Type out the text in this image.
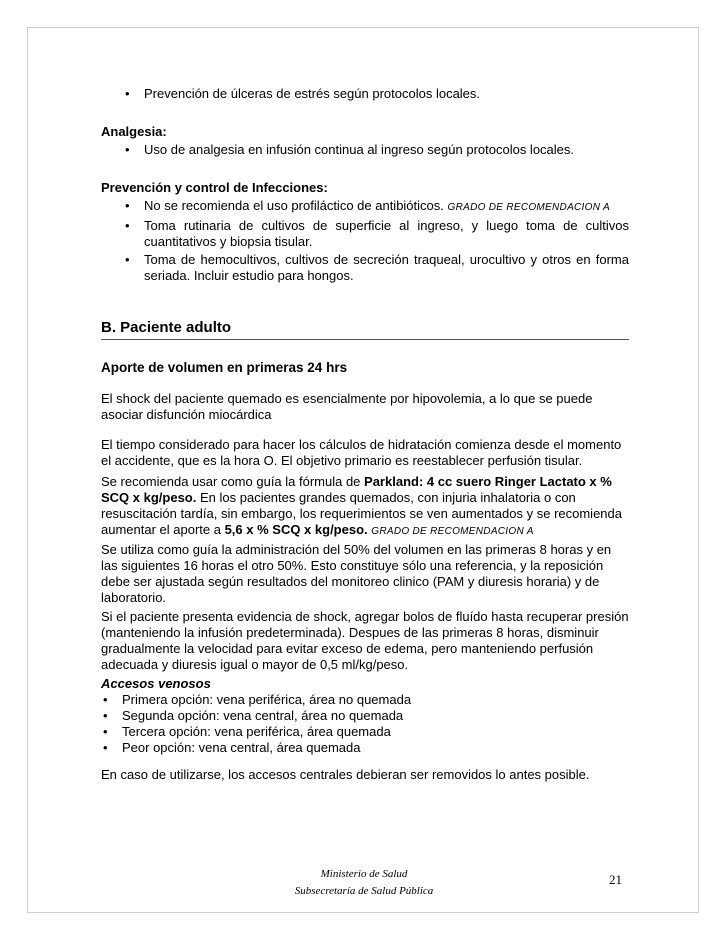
• Prevención de úlceras de estrés según protocolos locales.
Analgesia:
• Uso de analgesia en infusión continua al ingreso según protocolos locales.
Prevención y control de Infecciones:
• No se recomienda el uso profiláctico de antibióticos. GRADO DE RECOMENDACION A
• Toma rutinaria de cultivos de superficie al ingreso, y luego toma de cultivos cuantitativos y biopsia tisular.
• Toma de hemocultivos, cultivos de secreción traqueal, urocultivo y otros en forma seriada. Incluir estudio para hongos.
B. Paciente adulto
Aporte de volumen en primeras 24 hrs

El shock del paciente quemado es esencialmente por hipovolemia, a lo que se puede asociar disfunción miocárdica

El tiempo considerado para hacer los cálculos de hidratación comienza desde el momento el accidente, que es la hora O. El objetivo primario es reestablecer perfusión tisular.

Se recomienda usar como guía la fórmula de Parkland: 4 cc suero Ringer Lactato x % SCQ x kg/peso. En los pacientes grandes quemados, con injuria inhalatoria o con resuscitación tardía, sin embargo, los requerimientos se ven aumentados y se recomienda aumentar el aporte a 5,6 x % SCQ x kg/peso. GRADO DE RECOMENDACION A

Se utiliza como guía la administración del 50% del volumen en las primeras 8 horas y en las siguientes 16 horas el otro 50%. Esto constituye sólo una referencia, y la reposición debe ser ajustada según resultados del monitoreo clinico (PAM y diuresis horaria) y de laboratorio.

Si el paciente presenta evidencia de shock, agregar bolos de fluído hasta recuperar presión (manteniendo la infusión predeterminada). Despues de las primeras 8 horas, disminuir gradualmente la velocidad para evitar exceso de edema, pero manteniendo perfusión adecuada y diuresis igual o mayor de 0,5 ml/kg/peso.

Accesos venosos
• Primera opción: vena periférica, área no quemada
• Segunda opción: vena central, área no quemada
• Tercera opción: vena periférica, área quemada
• Peor opción: vena central, área quemada

En caso de utilizarse, los accesos centrales debieran ser removidos lo antes posible.

Ministerio de Salud
Subsecretaría de Salud Pública
21
